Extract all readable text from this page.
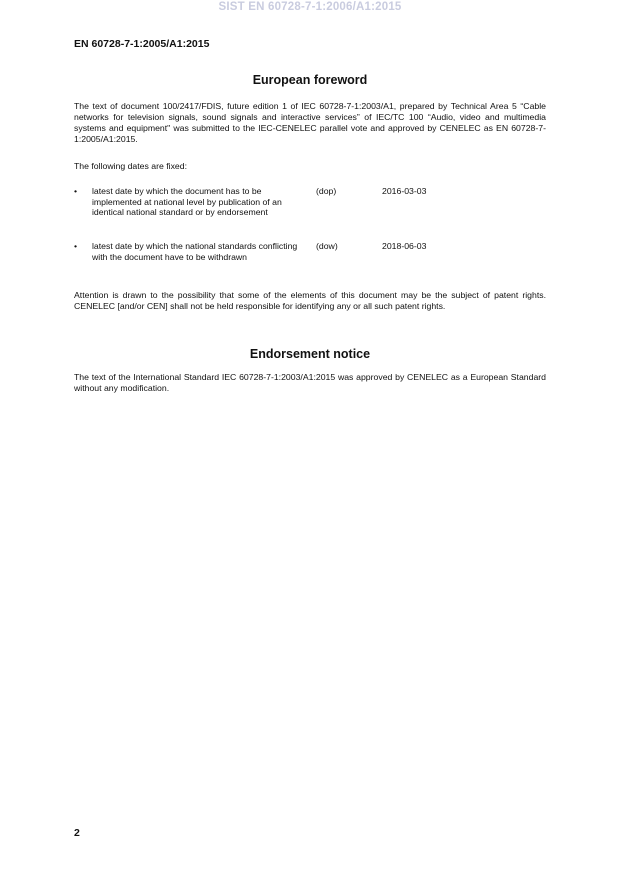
SIST EN 60728-7-1:2006/A1:2015
EN 60728-7-1:2005/A1:2015
European foreword
The text of document 100/2417/FDIS, future edition 1 of IEC 60728-7-1:2003/A1, prepared by Technical Area 5 “Cable networks for television signals, sound signals and interactive services” of IEC/TC 100 “Audio, video and multimedia systems and equipment" was submitted to the IEC-CENELEC parallel vote and approved by CENELEC as EN 60728-7-1:2005/A1:2015.
The following dates are fixed:
• latest date by which the document has to be implemented at national level by publication of an identical national standard or by endorsement
(dop)	2016-03-03
• latest date by which the national standards conflicting with the document have to be withdrawn
(dow)	2018-06-03
Attention is drawn to the possibility that some of the elements of this document may be the subject of patent rights. CENELEC [and/or CEN] shall not be held responsible for identifying any or all such patent rights.
Endorsement notice
The text of the International Standard IEC 60728-7-1:2003/A1:2015 was approved by CENELEC as a European Standard without any modification.
2
